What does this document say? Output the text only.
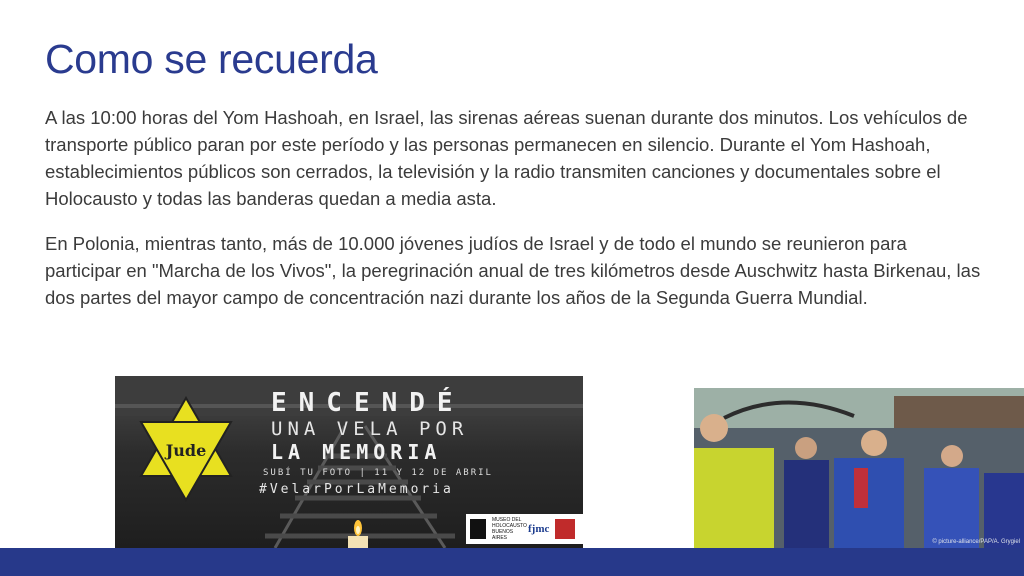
Como se recuerda

A las 10:00 horas del Yom Hashoah, en Israel, las sirenas aéreas suenan durante dos minutos. Los vehículos de transporte público paran por este período y las personas permanecen en silencio. Durante el Yom Hashoah, establecimientos públicos son cerrados, la televisión y la radio transmiten canciones y documentales sobre el Holocausto y todas las banderas quedan a media asta.

En Polonia, mientras tanto, más de 10.000 jóvenes judíos de Israel y de todo el mundo se reunieron para participar en "Marcha de los Vivos", la peregrinación anual de tres kilómetros desde Auschwitz hasta Birkenau, las dos partes del mayor campo de concentración nazi durante los años de la Segunda Guerra Mundial.

Jude
ENCENDÉ
UNA VELA POR
LA MEMORIA
SUBÍ TU FOTO | 11 Y 12 DE ABRIL
#VelarPorLaMemoria
MUSEO DEL HOLOCAUSTO BUENOS AIRES
fjmc
© picture-alliance/PAP/A. Grygiel
